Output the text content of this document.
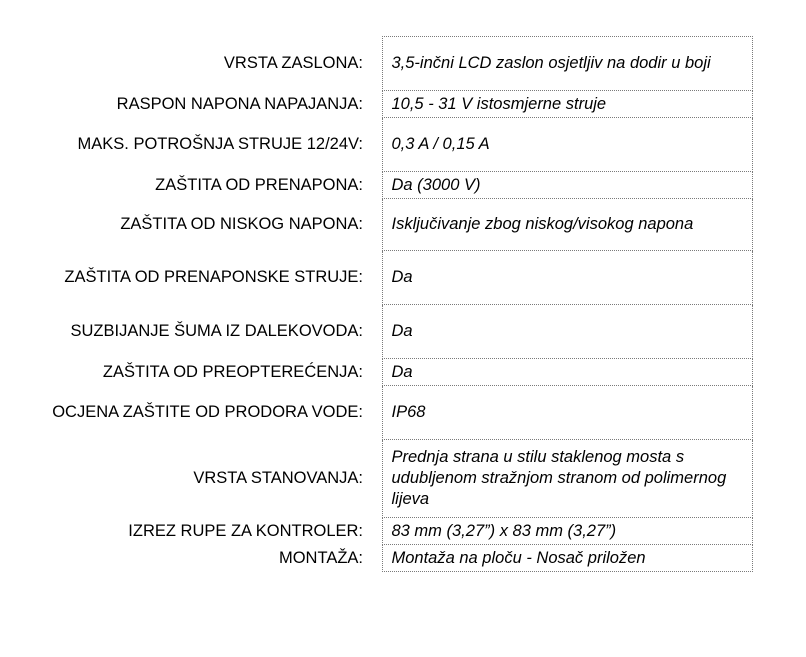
VRSTA ZASLONA:		3,5-inčni LCD zaslon osjetljiv na dodir u boji
RASPON NAPONA NAPAJANJA:		10,5 - 31 V istosmjerne struje
MAKS. POTROŠNJA STRUJE 12/24V:		0,3 A / 0,15 A
ZAŠTITA OD PRENAPONA:		Da (3000 V)
ZAŠTITA OD NISKOG NAPONA:		Isključivanje zbog niskog/visokog napona
ZAŠTITA OD PRENAPONSKE STRUJE:		Da
SUZBIJANJE ŠUMA IZ DALEKOVODA:		Da
ZAŠTITA OD PREOPTEREĆENJA:		Da
OCJENA ZAŠTITE OD PRODORA VODE:		IP68
VRSTA STANOVANJA:		Prednja strana u stilu staklenog mosta s udubljenom stražnjom stranom od polimernog lijeva
IZREZ RUPE ZA KONTROLER:		83 mm (3,27”) x 83 mm (3,27”)
MONTAŽA:		Montaža na ploču - Nosač priložen
